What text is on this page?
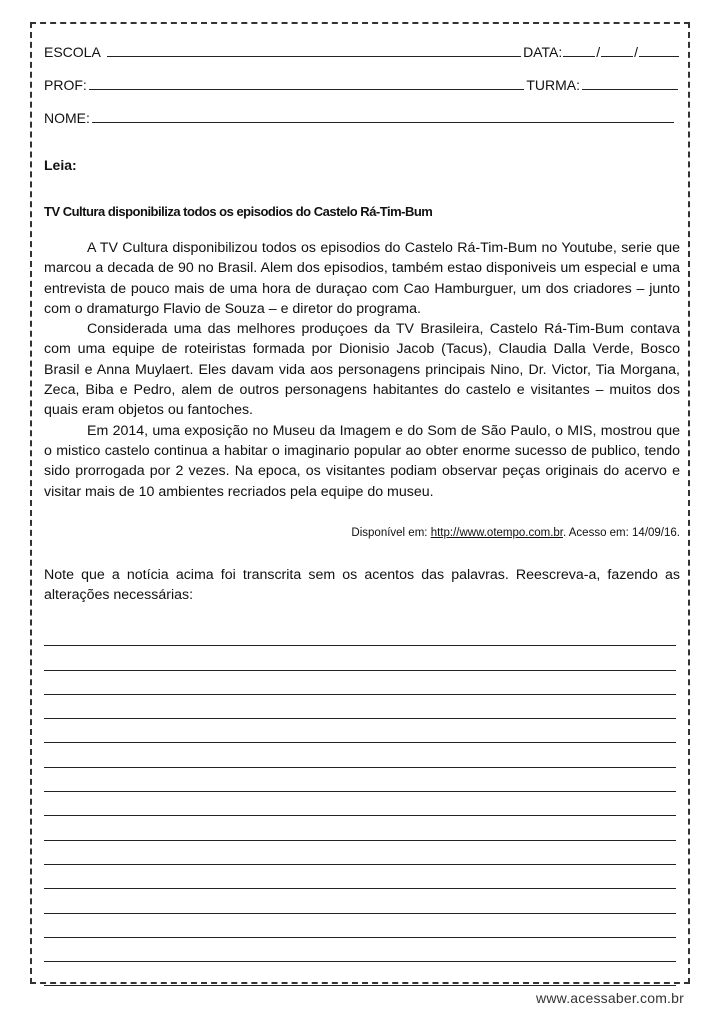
ESCOLA	DATA: / /
PROF:	TURMA:
NOME:
Leia:
TV Cultura disponibiliza todos os episodios do Castelo Rá-Tim-Bum

A TV Cultura disponibilizou todos os episodios do Castelo Rá-Tim-Bum no Youtube, serie que marcou a decada de 90 no Brasil. Alem dos episodios, também estao disponiveis um especial e uma entrevista de pouco mais de uma hora de duraçao com Cao Hamburguer, um dos criadores – junto com o dramaturgo Flavio de Souza – e diretor do programa.

Considerada uma das melhores produçoes da TV Brasileira, Castelo Rá-Tim-Bum contava com uma equipe de roteiristas formada por Dionisio Jacob (Tacus), Claudia Dalla Verde, Bosco Brasil e Anna Muylaert. Eles davam vida aos personagens principais Nino, Dr. Victor, Tia Morgana, Zeca, Biba e Pedro, alem de outros personagens habitantes do castelo e visitantes – muitos dos quais eram objetos ou fantoches.

Em 2014, uma exposição no Museu da Imagem e do Som de São Paulo, o MIS, mostrou que o mistico castelo continua a habitar o imaginario popular ao obter enorme sucesso de publico, tendo sido prorrogada por 2 vezes. Na epoca, os visitantes podiam observar peças originais do acervo e visitar mais de 10 ambientes recriados pela equipe do museu.

Disponível em: http://www.otempo.com.br. Acesso em: 14/09/16.
Note que a notícia acima foi transcrita sem os acentos das palavras. Reescreva-a, fazendo as alterações necessárias:
www.acessaber.com.br
